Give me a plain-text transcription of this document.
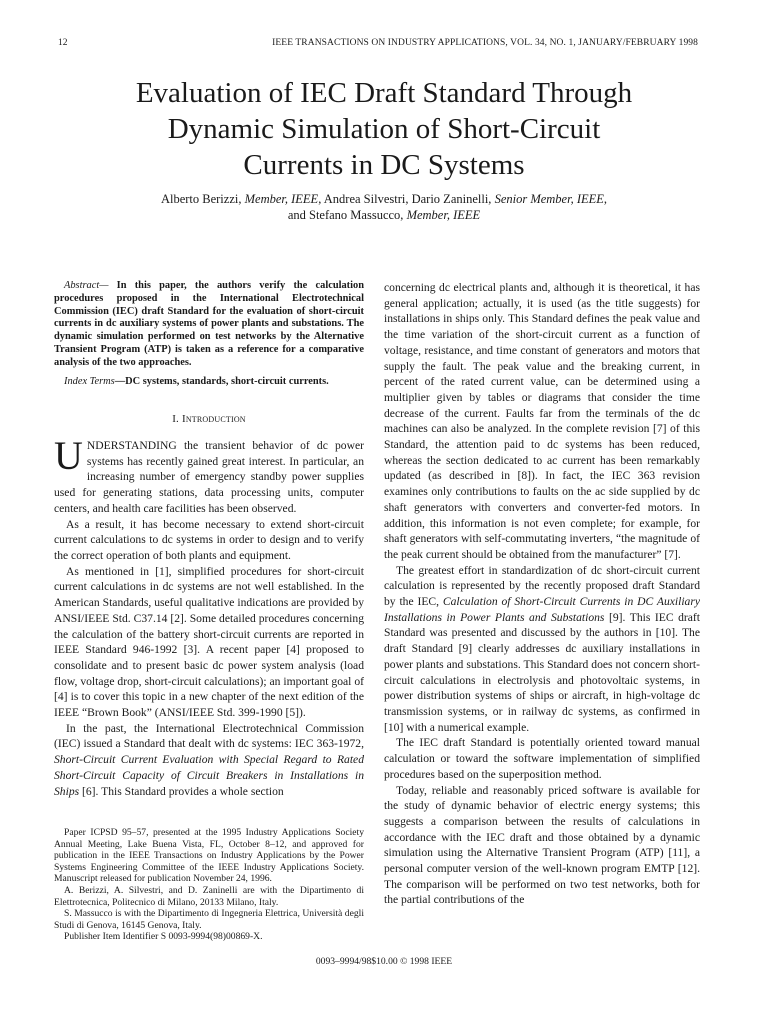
12	IEEE TRANSACTIONS ON INDUSTRY APPLICATIONS, VOL. 34, NO. 1, JANUARY/FEBRUARY 1998
Evaluation of IEC Draft Standard Through
Dynamic Simulation of Short-Circuit
Currents in DC Systems
Alberto Berizzi, Member, IEEE, Andrea Silvestri, Dario Zaninelli, Senior Member, IEEE,
and Stefano Massucco, Member, IEEE

Abstract— In this paper, the authors verify the calculation procedures proposed in the International Electrotechnical Commission (IEC) draft Standard for the evaluation of short-circuit currents in dc auxiliary systems of power plants and substations. The dynamic simulation performed on test networks by the Alternative Transient Program (ATP) is taken as a reference for a comparative analysis of the two approaches.

Index Terms—DC systems, standards, short-circuit currents.

I. Introduction

UNDERSTANDING the transient behavior of dc power systems has recently gained great interest. In particular, an increasing number of emergency standby power supplies used for generating stations, data processing units, computer centers, and health care facilities has been observed.

As a result, it has become necessary to extend short-circuit current calculations to dc systems in order to design and to verify the correct operation of both plants and equipment.

As mentioned in [1], simplified procedures for short-circuit current calculations in dc systems are not well established. In the American Standards, useful qualitative indications are provided by ANSI/IEEE Std. C37.14 [2]. Some detailed procedures concerning the calculation of the battery short-circuit currents are reported in IEEE Standard 946-1992 [3]. A recent paper [4] proposed to consolidate and to present basic dc power system analysis (load flow, voltage drop, short-circuit calculations); an important goal of [4] is to cover this topic in a new chapter of the next edition of the IEEE “Brown Book” (ANSI/IEEE Std. 399-1990 [5]).

In the past, the International Electrotechnical Commission (IEC) issued a Standard that dealt with dc systems: IEC 363-1972, Short-Circuit Current Evaluation with Special Regard to Rated Short-Circuit Capacity of Circuit Breakers in Installations in Ships [6]. This Standard provides a whole section

concerning dc electrical plants and, although it is theoretical, it has general application; actually, it is used (as the title suggests) for installations in ships only. This Standard defines the peak value and the time variation of the short-circuit current as a function of voltage, resistance, and time constant of generators and motors that supply the fault. The peak value and the breaking current, in percent of the rated current value, can be determined using a multiplier given by tables or diagrams that consider the time decrease of the current. Faults far from the terminals of the dc machines can also be analyzed. In the complete revision [7] of this Standard, the attention paid to dc systems has been reduced, whereas the section dedicated to ac current has been remarkably updated (as described in [8]). In fact, the IEC 363 revision examines only contributions to faults on the ac side supplied by dc shaft generators with converters and converter-fed motors. In addition, this information is not even complete; for example, for shaft generators with self-commutating inverters, “the magnitude of the peak current should be obtained from the manufacturer” [7].

The greatest effort in standardization of dc short-circuit current calculation is represented by the recently proposed draft Standard by the IEC, Calculation of Short-Circuit Currents in DC Auxiliary Installations in Power Plants and Substations [9]. This IEC draft Standard was presented and discussed by the authors in [10]. The draft Standard [9] clearly addresses dc auxiliary installations in power plants and substations. This Standard does not concern short-circuit calculations in electrolysis and photovoltaic systems, in power distribution systems of ships or aircraft, in high-voltage dc transmission systems, or in railway dc systems, as confirmed in [10] with a numerical example.

The IEC draft Standard is potentially oriented toward manual calculation or toward the software implementation of simplified procedures based on the superposition method.

Today, reliable and reasonably priced software is available for the study of dynamic behavior of electric energy systems; this suggests a comparison between the results of calculations in accordance with the IEC draft and those obtained by a dynamic simulation using the Alternative Transient Program (ATP) [11], a personal computer version of the well-known program EMTP [12]. The comparison will be performed on two test networks, both for the partial contributions of the

Paper ICPSD 95–57, presented at the 1995 Industry Applications Society Annual Meeting, Lake Buena Vista, FL, October 8–12, and approved for publication in the IEEE Transactions on Industry Applications by the Power Systems Engineering Committee of the IEEE Industry Applications Society. Manuscript released for publication November 24, 1996.

A. Berizzi, A. Silvestri, and D. Zaninelli are with the Dipartimento di Elettrotecnica, Politecnico di Milano, 20133 Milano, Italy.

S. Massucco is with the Dipartimento di Ingegneria Elettrica, Università degli Studi di Genova, 16145 Genova, Italy.

Publisher Item Identifier S 0093-9994(98)00869-X.

0093–9994/98$10.00 © 1998 IEEE
